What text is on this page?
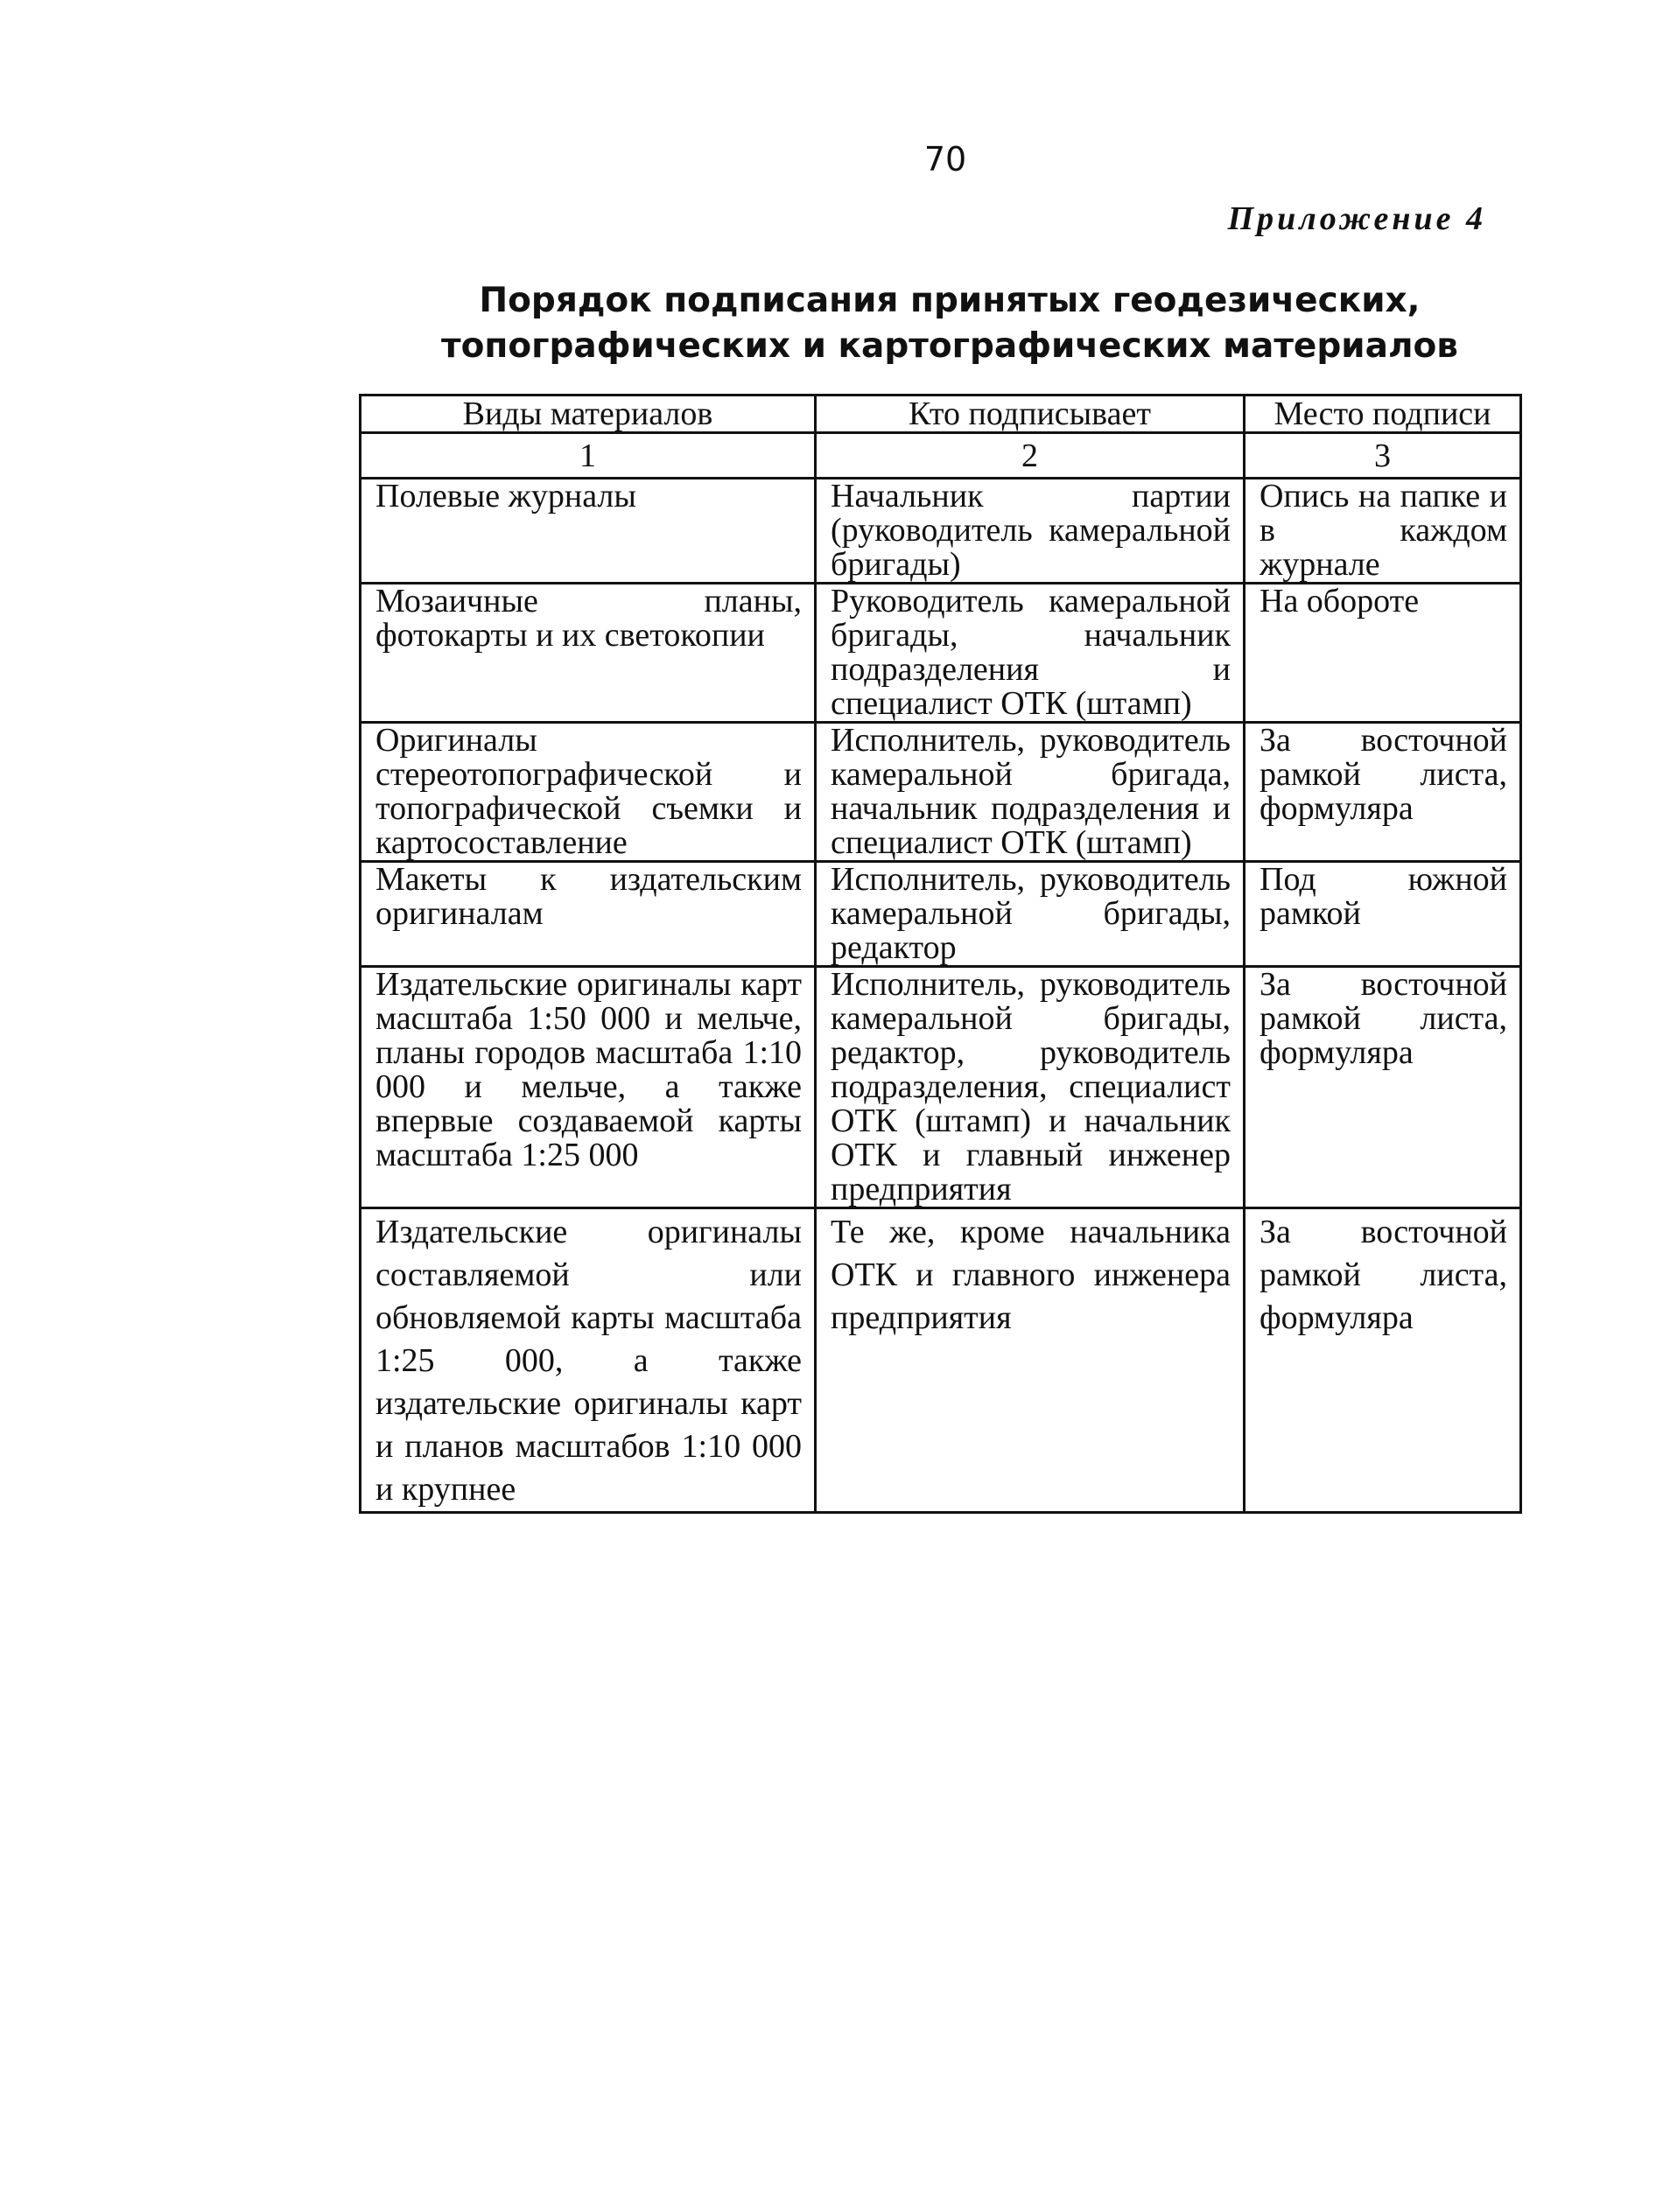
70
Приложение 4
Порядок подписания принятых геодезических,
топографических и картографических материалов
Виды материалов	Кто подписывает	Место подписи
1	2	3
Полевые журналы	Начальник партии (руководитель камеральной бригады)	Опись на папке и в каждом журнале
Мозаичные планы, фотокарты и их светокопии	Руководитель камеральной бригады, начальник подразделения и специалист ОТК (штамп)	На обороте
Оригиналы стереотопографической и топографической съемки и картосоставление	Исполнитель, руководитель камеральной бригада, начальник подразделения и специалист ОТК (штамп)	За восточной рамкой листа, формуляра
Макеты к издательским оригиналам	Исполнитель, руководитель камеральной бригады, редактор	Под южной рамкой
Издательские оригиналы карт масштаба 1:50 000 и мельче, планы городов масштаба 1:10 000 и мельче, а также впервые создаваемой карты масштаба 1:25 000	Исполнитель, руководитель камеральной бригады, редактор, руководитель подразделения, специалист ОТК (штамп) и начальник ОТК и главный инженер предприятия	За восточной рамкой листа, формуляра
Издательские оригиналы составляемой или обновляемой карты масштаба 1:25 000, а также издательские оригиналы карт и планов масштабов 1:10 000 и крупнее	Те же, кроме начальника ОТК и главного инженера предприятия	За восточной рамкой листа, формуляра
